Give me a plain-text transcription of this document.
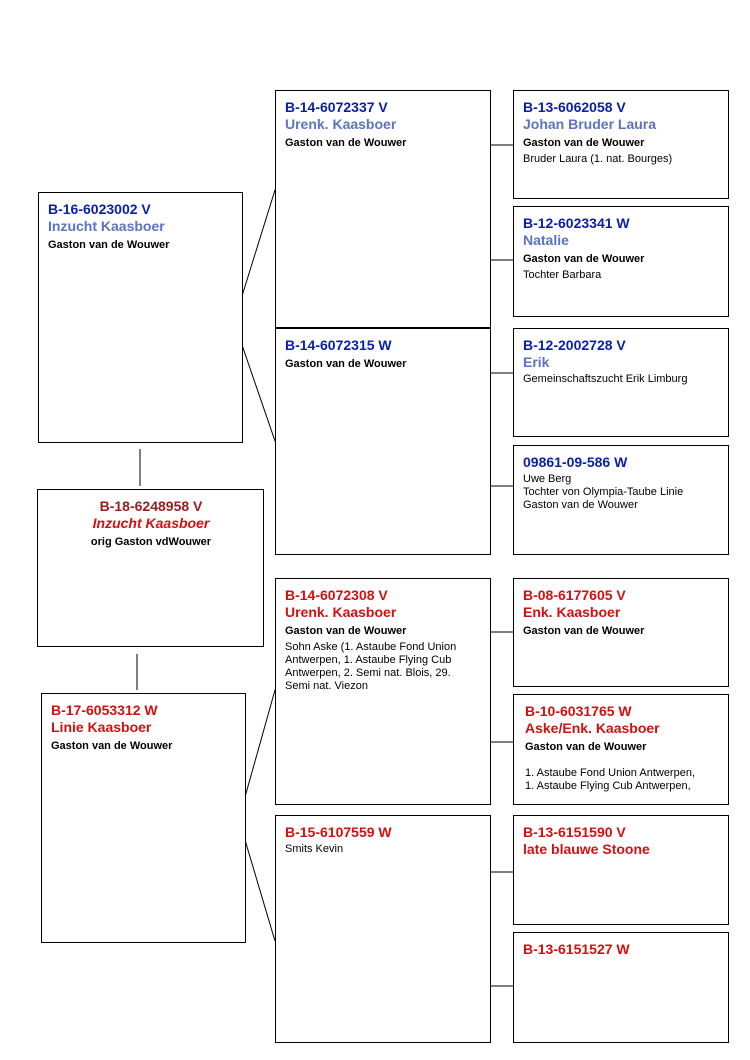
B-16-6023002 V
Inzucht Kaasboer
Gaston van de Wouwer
B-18-6248958 V
Inzucht Kaasboer
orig Gaston vdWouwer
B-17-6053312 W
Linie Kaasboer
Gaston van de Wouwer
B-14-6072337 V
Urenk. Kaasboer
Gaston van de Wouwer
B-14-6072315 W
Gaston van de Wouwer
B-14-6072308 V
Urenk. Kaasboer
Gaston van de Wouwer
Sohn Aske (1. Astaube Fond Union
Antwerpen, 1. Astaube Flying Cub
Antwerpen, 2. Semi nat. Blois, 29.
Semi nat. Viezon
B-15-6107559 W
Smits Kevin
B-13-6062058 V
Johan Bruder Laura
Gaston van de Wouwer
Bruder Laura (1. nat. Bourges)
B-12-6023341 W
Natalie
Gaston van de Wouwer
Tochter Barbara
B-12-2002728 V
Erik
Gemeinschaftszucht Erik Limburg
09861-09-586 W
Uwe Berg
Tochter von Olympia-Taube Linie
Gaston van de Wouwer
B-08-6177605 V
Enk. Kaasboer
Gaston van de Wouwer
B-10-6031765 W
Aske/Enk. Kaasboer
Gaston van de Wouwer
1. Astaube Fond Union Antwerpen,
1. Astaube Flying Cub Antwerpen,
B-13-6151590 V
late blauwe Stoone
B-13-6151527 W
